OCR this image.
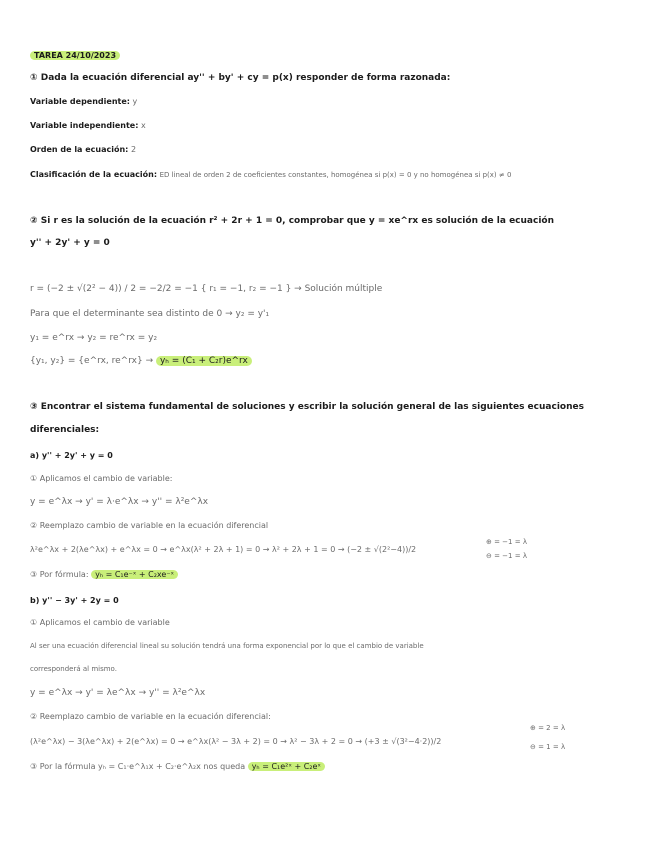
TAREA 24/10/2023
① Dada la ecuación diferencial ay'' + by' + cy = p(x) responder de forma razonada:
Variable dependiente: y
Variable independiente: x
Orden de la ecuación: 2
Clasificación de la ecuación: ED lineal de orden 2 de coeficientes constantes, homogénea si p(x) = 0 y no homogénea si p(x) ≠ 0
② Si r es la solución de la ecuación r² + 2r + 1 = 0, comprobar que y = xe^rx es solución de la ecuación
y'' + 2y' + y = 0
r = (−2 ± √(2² − 4)) / 2 = −2/2 = −1 { r₁ = −1, r₂ = −1 } → Solución múltiple
Para que el determinante sea distinto de 0 → y₂ = y'₁
y₁ = e^rx → y₂ = re^rx = y₂
{y₁, y₂} = {e^rx, re^rx} → yₕ = (C₁ + C₂r)e^rx
③ Encontrar el sistema fundamental de soluciones y escribir la solución general de las siguientes ecuaciones
diferenciales:
a) y'' + 2y' + y = 0
① Aplicamos el cambio de variable:
y = e^λx → y' = λ·e^λx → y'' = λ²e^λx
② Reemplazo cambio de variable en la ecuación diferencial
λ²e^λx + 2(λe^λx) + e^λx = 0 → e^λx(λ² + 2λ + 1) = 0 → λ² + 2λ + 1 = 0 → (−2 ± √(2²−4))/2
⊕ = −1 = λ
⊖ = −1 = λ
③ Por fórmula: yₕ = C₁e⁻ˣ + C₂xe⁻ˣ
b) y'' − 3y' + 2y = 0
① Aplicamos el cambio de variable
Al ser una ecuación diferencial lineal su solución tendrá una forma exponencial por lo que el cambio de variable
corresponderá al mismo.
y = e^λx → y' = λe^λx → y'' = λ²e^λx
② Reemplazo cambio de variable en la ecuación diferencial:
(λ²e^λx) − 3(λe^λx) + 2(e^λx) = 0 → e^λx(λ² − 3λ + 2) = 0 → λ² − 3λ + 2 = 0 → (+3 ± √(3²−4·2))/2
⊕ = 2 = λ
⊖ = 1 = λ
③ Por la fórmula yₕ = C₁·e^λ₁x + C₂·e^λ₂x nos queda yₕ = C₁e²ˣ + C₂eˣ
